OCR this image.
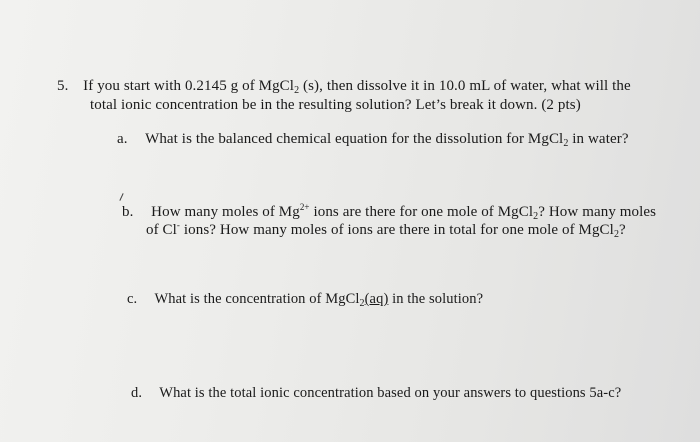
5. If you start with 0.2145 g of MgCl$_2$ (s), then dissolve it in 10.0 mL of water, what will the
total ionic concentration be in the resulting solution? Let’s break it down. (2 pts)
a. What is the balanced chemical equation for the dissolution for MgCl$_2$ in water?
b. How many moles of $Mg^{2+}$ ions are there for one mole of MgCl$_2$? How many moles
of Cl- ions? How many moles of ions are there in total for one mole of MgCl$_2$?
c. What is the concentration of MgCl$_2$(aq) in the solution?
d. What is the total ionic concentration based on your answers to questions 5a-c?
